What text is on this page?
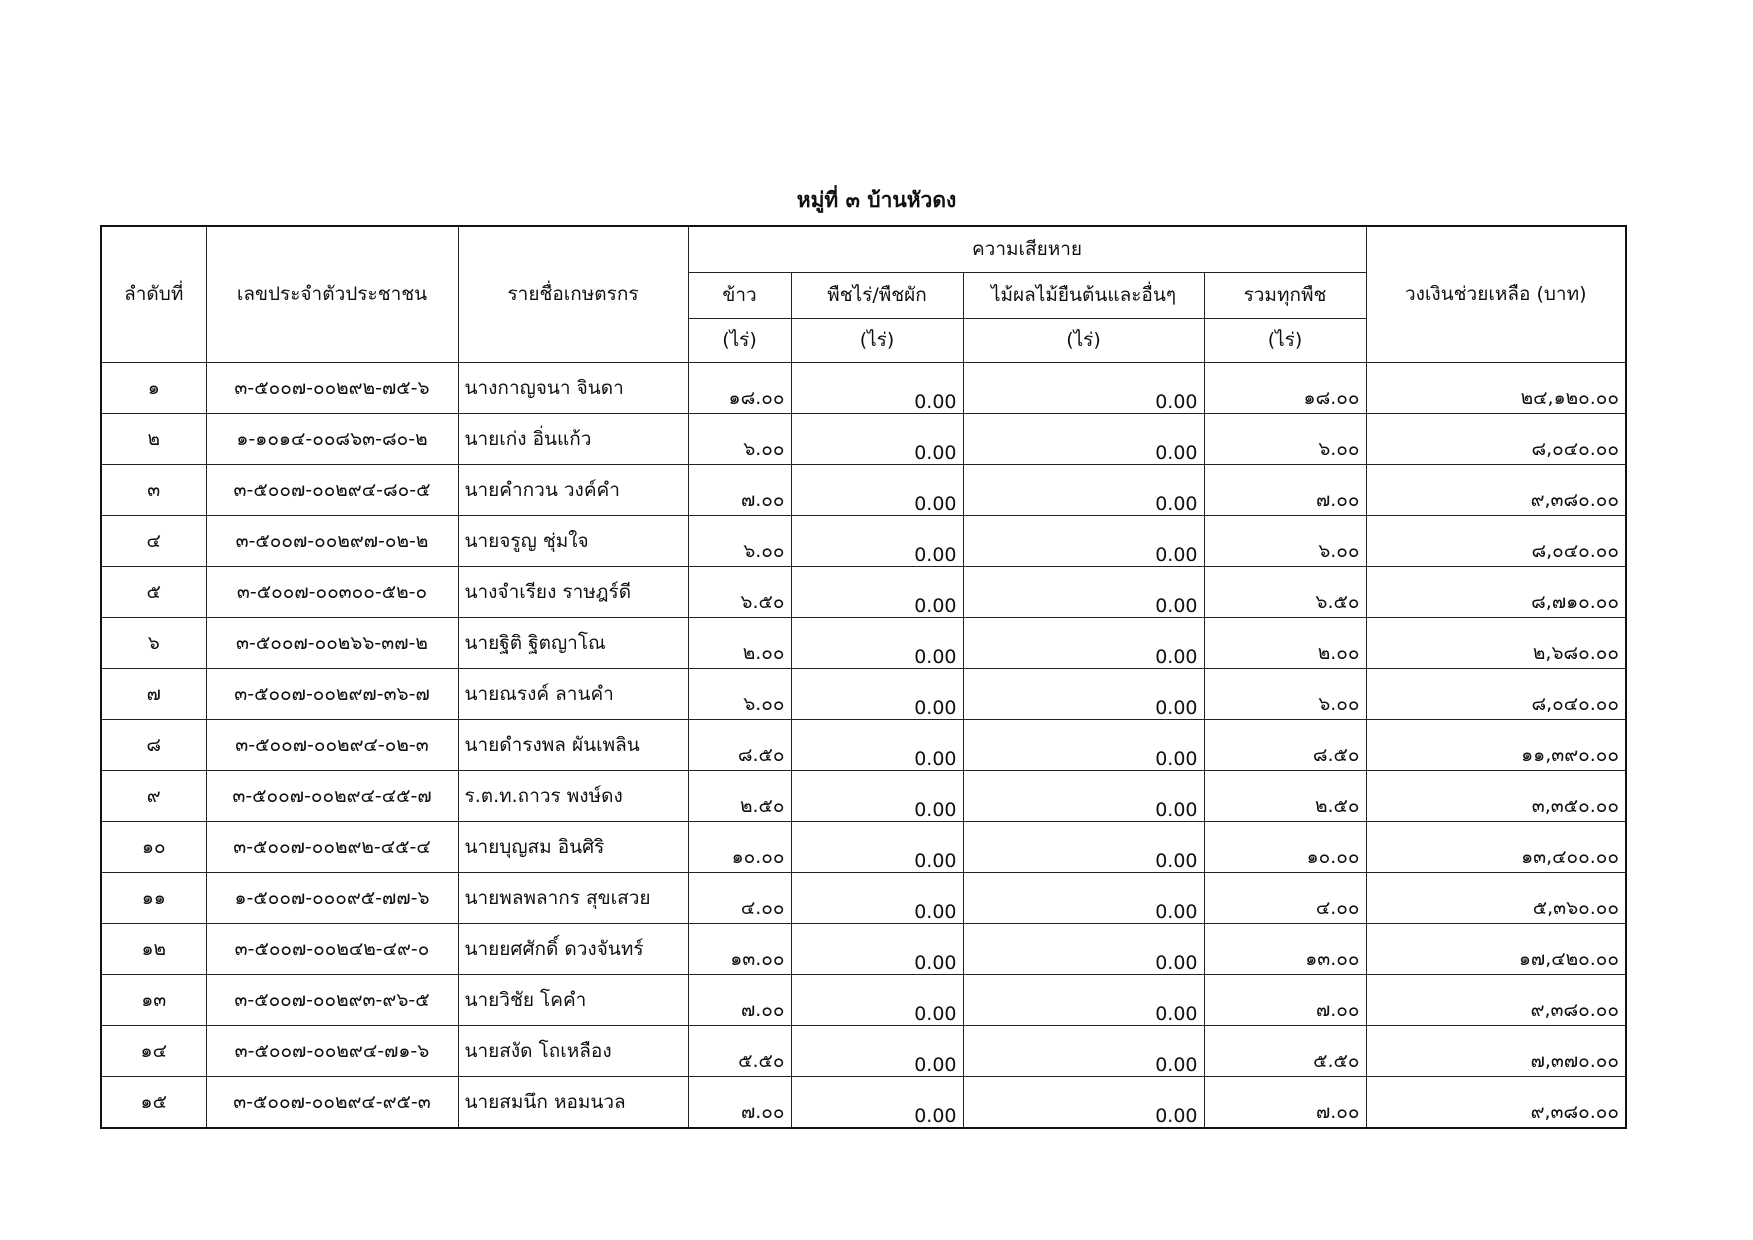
หมู่ที่ ๓ บ้านหัวดง
ลำดับที่	เลขประจำตัวประชาชน	รายชื่อเกษตรกร	ความเสียหาย				วงเงินช่วยเหลือ (บาท)
			ข้าว	พืชไร่/พืชผัก	ไม้ผลไม้ยืนต้นและอื่นๆ	รวมทุกพืช	
			(ไร่)	(ไร่)	(ไร่)	(ไร่)	
๑	๓-๕๐๐๗-๐๐๒๙๒-๗๕-๖	นางกาญจนา จินดา	๑๘.๐๐	0.00	0.00	๑๘.๐๐	๒๔,๑๒๐.๐๐
๒	๑-๑๐๑๔-๐๐๘๖๓-๘๐-๒	นายเก่ง อิ่นแก้ว	๖.๐๐	0.00	0.00	๖.๐๐	๘,๐๔๐.๐๐
๓	๓-๕๐๐๗-๐๐๒๙๔-๘๐-๕	นายคำกวน วงค์คำ	๗.๐๐	0.00	0.00	๗.๐๐	๙,๓๘๐.๐๐
๔	๓-๕๐๐๗-๐๐๒๙๗-๐๒-๒	นายจรูญ ชุ่มใจ	๖.๐๐	0.00	0.00	๖.๐๐	๘,๐๔๐.๐๐
๕	๓-๕๐๐๗-๐๐๓๐๐-๕๒-๐	นางจำเรียง ราษฎร์ดี	๖.๕๐	0.00	0.00	๖.๕๐	๘,๗๑๐.๐๐
๖	๓-๕๐๐๗-๐๐๒๖๖-๓๗-๒	นายฐิติ ฐิตญาโณ	๒.๐๐	0.00	0.00	๒.๐๐	๒,๖๘๐.๐๐
๗	๓-๕๐๐๗-๐๐๒๙๗-๓๖-๗	นายณรงค์ ลานคำ	๖.๐๐	0.00	0.00	๖.๐๐	๘,๐๔๐.๐๐
๘	๓-๕๐๐๗-๐๐๒๙๔-๐๒-๓	นายดำรงพล ผันเพลิน	๘.๕๐	0.00	0.00	๘.๕๐	๑๑,๓๙๐.๐๐
๙	๓-๕๐๐๗-๐๐๒๙๔-๔๕-๗	ร.ต.ท.ถาวร พงษ์ดง	๒.๕๐	0.00	0.00	๒.๕๐	๓,๓๕๐.๐๐
๑๐	๓-๕๐๐๗-๐๐๒๙๒-๔๕-๔	นายบุญสม อินศิริ	๑๐.๐๐	0.00	0.00	๑๐.๐๐	๑๓,๔๐๐.๐๐
๑๑	๑-๕๐๐๗-๐๐๐๙๕-๗๗-๖	นายพลพลากร สุขเสวย	๔.๐๐	0.00	0.00	๔.๐๐	๕,๓๖๐.๐๐
๑๒	๓-๕๐๐๗-๐๐๒๔๒-๔๙-๐	นายยศศักดิ์ ดวงจันทร์	๑๓.๐๐	0.00	0.00	๑๓.๐๐	๑๗,๔๒๐.๐๐
๑๓	๓-๕๐๐๗-๐๐๒๙๓-๙๖-๕	นายวิชัย โคคำ	๗.๐๐	0.00	0.00	๗.๐๐	๙,๓๘๐.๐๐
๑๔	๓-๕๐๐๗-๐๐๒๙๔-๗๑-๖	นายสงัด โถเหลือง	๕.๕๐	0.00	0.00	๕.๕๐	๗,๓๗๐.๐๐
๑๕	๓-๕๐๐๗-๐๐๒๙๔-๙๕-๓	นายสมนึก หอมนวล	๗.๐๐	0.00	0.00	๗.๐๐	๙,๓๘๐.๐๐
